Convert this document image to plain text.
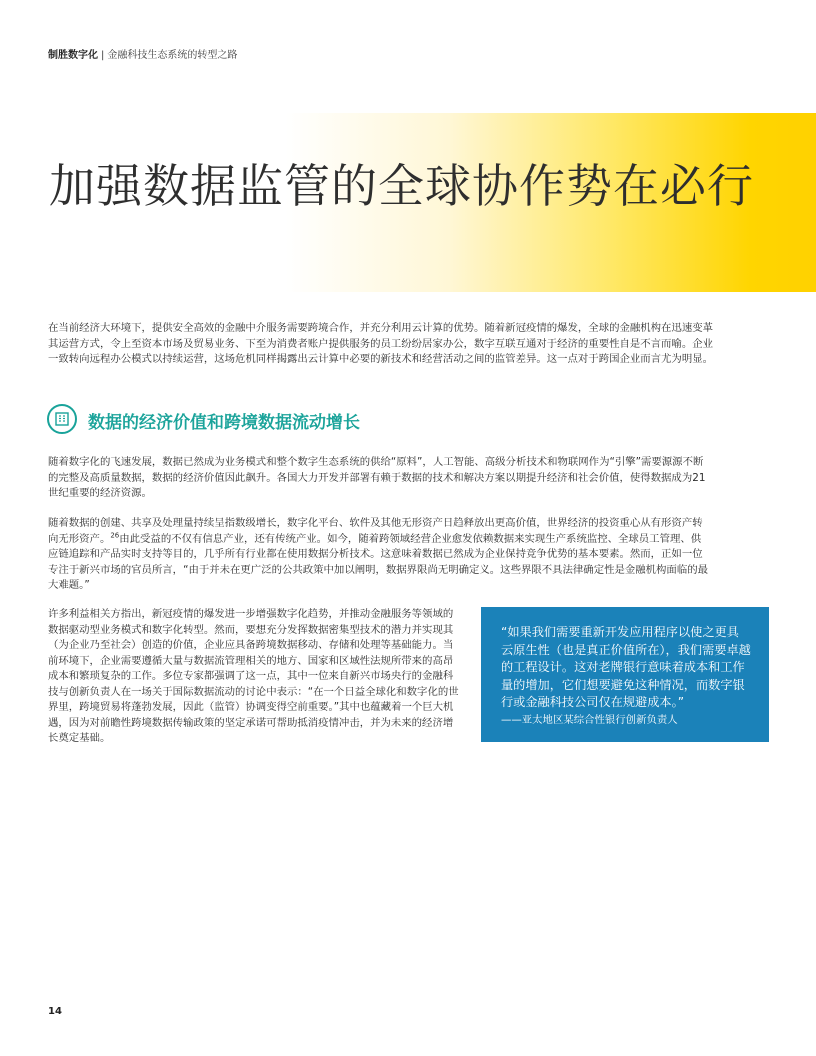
制胜数字化 | 金融科技生态系统的转型之路
加强数据监管的全球协作势在必行

在当前经济大环境下，提供安全高效的金融中介服务需要跨境合作，并充分利用云计算的优势。随着新冠疫情的爆发，全球的金融机构在迅速变革其运营方式，令上至资本市场及贸易业务、下至为消费者账户提供服务的员工纷纷居家办公，数字互联互通对于经济的重要性自是不言而喻。企业一致转向远程办公模式以持续运营，这场危机同样揭露出云计算中必要的新技术和经营活动之间的监管差异。这一点对于跨国企业而言尤为明显。

数据的经济价值和跨境数据流动增长

随着数字化的飞速发展，数据已然成为业务模式和整个数字生态系统的供给“原料”，人工智能、高级分析技术和物联网作为“引擎”需要源源不断的完整及高质量数据，数据的经济价值因此飙升。各国大力开发并部署有赖于数据的技术和解决方案以期提升经济和社会价值，使得数据成为21世纪重要的经济资源。

随着数据的创建、共享及处理量持续呈指数级增长，数字化平台、软件及其他无形资产日趋释放出更高价值，世界经济的投资重心从有形资产转向无形资产。$^{26}$由此受益的不仅有信息产业，还有传统产业。如今，随着跨领域经营企业愈发依赖数据来实现生产系统监控、全球员工管理、供应链追踪和产品实时支持等目的，几乎所有行业都在使用数据分析技术。这意味着数据已然成为企业保持竞争优势的基本要素。然而，正如一位专注于新兴市场的官员所言，“由于并未在更广泛的公共政策中加以阐明，数据界限尚无明确定义。这些界限不具法律确定性是金融机构面临的最大难题。”

许多利益相关方指出，新冠疫情的爆发进一步增强数字化趋势，并推动金融服务等领域的数据驱动型业务模式和数字化转型。然而，要想充分发挥数据密集型技术的潜力并实现其（为企业乃至社会）创造的价值，企业应具备跨境数据移动、存储和处理等基础能力。当前环境下，企业需要遵循大量与数据流管理相关的地方、国家和区域性法规所带来的高昂成本和繁琐复杂的工作。多位专家都强调了这一点，其中一位来自新兴市场央行的金融科技与创新负责人在一场关于国际数据流动的讨论中表示：“在一个日益全球化和数字化的世界里，跨境贸易将蓬勃发展，因此（监管）协调变得空前重要。”其中也蕴藏着一个巨大机遇，因为对前瞻性跨境数据传输政策的坚定承诺可帮助抵消疫情冲击，并为未来的经济增长奠定基础。

“如果我们需要重新开发应用程序以使之更具云原生性（也是真正价值所在），我们需要卓越的工程设计。这对老牌银行意味着成本和工作量的增加，它们想要避免这种情况，而数字银行或金融科技公司仅在规避成本。”
——亚太地区某综合性银行创新负责人
14
